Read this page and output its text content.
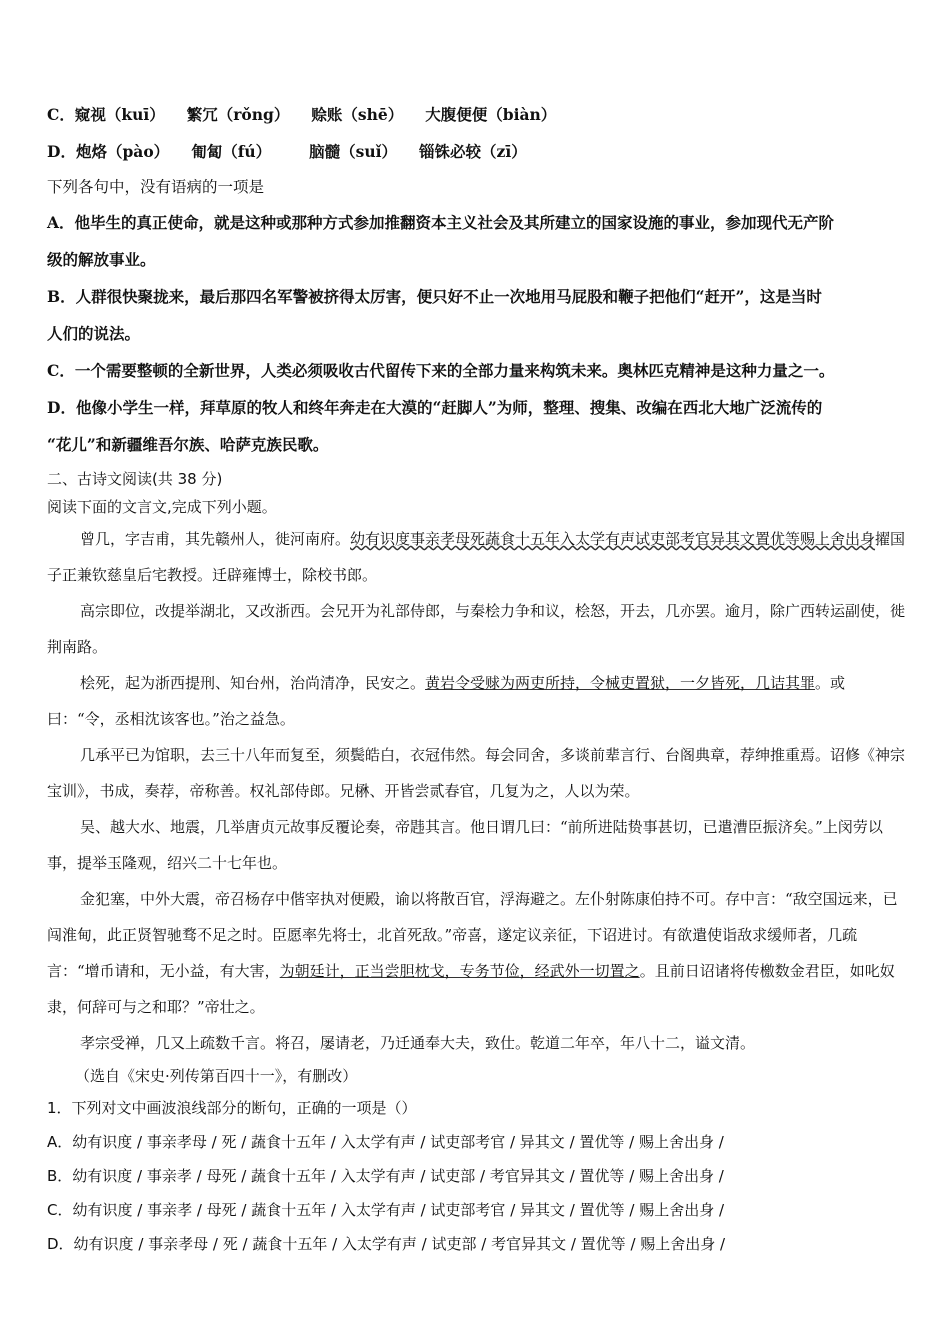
C．窥视（kuī） 繁冗（rǒng） 赊账（shē） 大腹便便（biàn）
D．炮烙（pào） 匍匐（fú） 脑髓（suǐ） 锱铢必较（zī）
下列各句中，没有语病的一项是
A．他毕生的真正使命，就是这种或那种方式参加推翻资本主义社会及其所建立的国家设施的事业，参加现代无产阶
级的解放事业。
B．人群很快聚拢来，最后那四名军警被挤得太厉害，便只好不止一次地用马屁股和鞭子把他们“赶开”，这是当时
人们的说法。
C．一个需要整顿的全新世界，人类必须吸收古代留传下来的全部力量来构筑未来。奥林匹克精神是这种力量之一。
D．他像小学生一样，拜草原的牧人和终年奔走在大漠的“赶脚人”为师，整理、搜集、改编在西北大地广泛流传的
“花儿”和新疆维吾尔族、哈萨克族民歌。
二、古诗文阅读(共 38 分)
阅读下面的文言文,完成下列小题。
曾几，字吉甫，其先赣州人，徙河南府。幼有识度事亲孝母死蔬食十五年入太学有声试吏部考官异其文置优等赐上舍出身擢国子正兼钦慈皇后宅教授。迁辟雍博士，除校书郎。
高宗即位，改提举湖北，又改浙西。会兄开为礼部侍郎，与秦桧力争和议，桧怒，开去，几亦罢。逾月，除广西转运副使，徙荆南路。
桧死，起为浙西提刑、知台州，治尚清净，民安之。黄岩令受赇为两吏所持，令械吏置狱，一夕皆死，几诘其罪。或曰：“令，丞相沈该客也。”治之益急。
几承平已为馆职，去三十八年而复至，须鬓皓白，衣冠伟然。每会同舍，多谈前辈言行、台阁典章，荐绅推重焉。诏修《神宗宝训》，书成，奏荐，帝称善。权礼部侍郎。兄楙、开皆尝贰春官，几复为之，人以为荣。
吴、越大水、地震，几举唐贞元故事反覆论奏，帝韪其言。他日谓几曰：“前所进陆贽事甚切，已遣漕臣振济矣。”上闵劳以事，提举玉隆观，绍兴二十七年也。
金犯塞，中外大震，帝召杨存中偕宰执对便殿，谕以将散百官，浮海避之。左仆射陈康伯持不可。存中言：“敌空国远来，已闯淮甸，此正贤智驰骛不足之时。臣愿率先将士，北首死敌。”帝喜，遂定议亲征，下诏进讨。有欲遣使诣敌求缓师者，几疏言：“增币请和，无小益，有大害，为朝廷计，正当尝胆枕戈，专务节俭，经武外一切置之。且前日诏诸将传檄数金君臣，如叱奴隶，何辞可与之和耶？”帝壮之。
孝宗受禅，几又上疏数千言。将召，屡请老，乃迁通奉大夫，致仕。乾道二年卒，年八十二，谥文清。
（选自《宋史·列传第百四十一》，有删改）
1．下列对文中画波浪线部分的断句，正确的一项是（）
A．幼有识度 / 事亲孝母 / 死 / 蔬食十五年 / 入太学有声 / 试吏部考官 / 异其文 / 置优等 / 赐上舍出身 /
B．幼有识度 / 事亲孝 / 母死 / 蔬食十五年 / 入太学有声 / 试吏部 / 考官异其文 / 置优等 / 赐上舍出身 /
C．幼有识度 / 事亲孝 / 母死 / 蔬食十五年 / 入太学有声 / 试吏部考官 / 异其文 / 置优等 / 赐上舍出身 /
D．幼有识度 / 事亲孝母 / 死 / 蔬食十五年 / 入太学有声 / 试吏部 / 考官异其文 / 置优等 / 赐上舍出身 /
